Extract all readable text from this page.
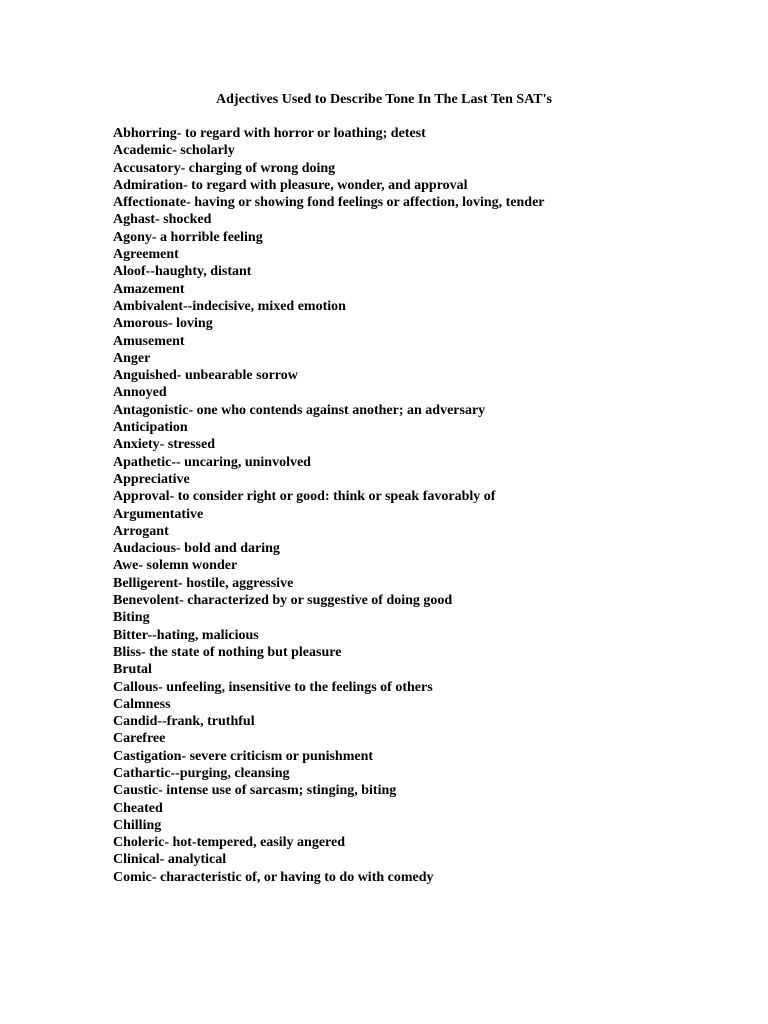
Adjectives Used to Describe Tone In The Last Ten SAT's
Abhorring- to regard with horror or loathing; detest
Academic- scholarly
Accusatory- charging of wrong doing
Admiration- to regard with pleasure, wonder, and approval
Affectionate- having or showing fond feelings or affection, loving, tender
Aghast- shocked
Agony- a horrible feeling
Agreement
Aloof--haughty, distant
Amazement
Ambivalent--indecisive, mixed emotion
Amorous- loving
Amusement
Anger
Anguished- unbearable sorrow
Annoyed
Antagonistic- one who contends against another; an adversary
Anticipation
Anxiety- stressed
Apathetic-- uncaring, uninvolved
Appreciative
Approval- to consider right or good: think or speak favorably of
Argumentative
Arrogant
Audacious- bold and daring
Awe- solemn wonder
Belligerent- hostile, aggressive
Benevolent- characterized by or suggestive of doing good
Biting
Bitter--hating, malicious
Bliss- the state of nothing but pleasure
Brutal
Callous- unfeeling, insensitive to the feelings of others
Calmness
Candid--frank, truthful
Carefree
Castigation- severe criticism or punishment
Cathartic--purging, cleansing
Caustic- intense use of sarcasm; stinging, biting
Cheated
Chilling
Choleric- hot-tempered, easily angered
Clinical- analytical
Comic- characteristic of, or having to do with comedy
